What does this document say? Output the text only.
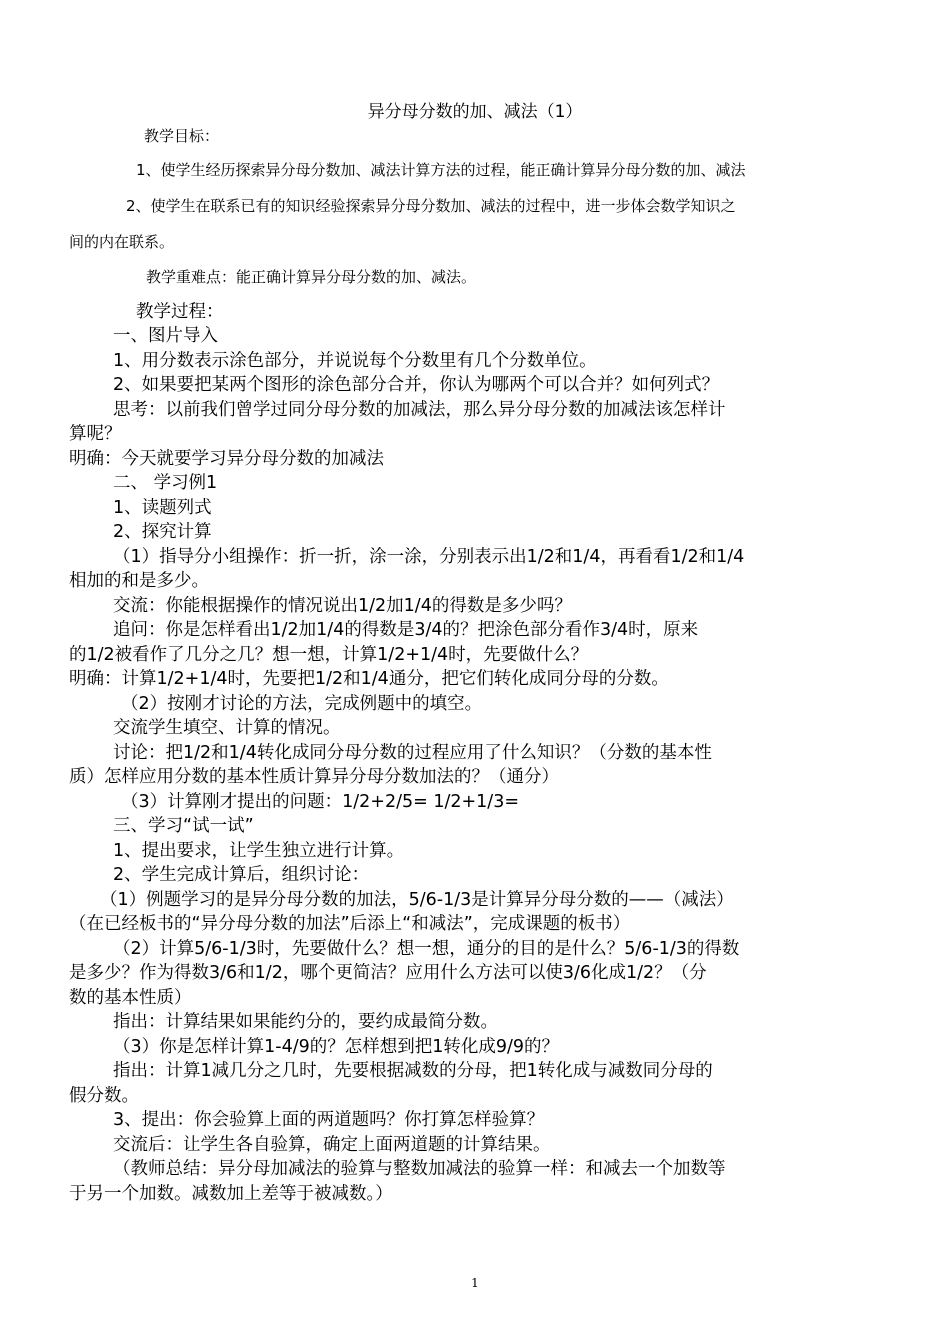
异分母分数的加、减法（1）
教学目标：
1、使学生经历探索异分母分数加、减法计算方法的过程，能正确计算异分母分数的加、减法
2、使学生在联系已有的知识经验探索异分母分数加、减法的过程中，进一步体会数学知识之
间的内在联系。
教学重难点：能正确计算异分母分数的加、减法。
教学过程：
一、图片导入
1、用分数表示涂色部分，并说说每个分数里有几个分数单位。
2、如果要把某两个图形的涂色部分合并，你认为哪两个可以合并？如何列式？
思考：以前我们曾学过同分母分数的加减法，那么异分母分数的加减法该怎样计
算呢？
明确：今天就要学习异分母分数的加减法
二、 学习例1
1、读题列式
2、探究计算
（1）指导分小组操作：折一折，涂一涂，分别表示出1/2和1/4，再看看1/2和1/4
相加的和是多少。
交流：你能根据操作的情况说出1/2加1/4的得数是多少吗？
追问：你是怎样看出1/2加1/4的得数是3/4的？把涂色部分看作3/4时，原来
的1/2被看作了几分之几？想一想，计算1/2+1/4时，先要做什么？
明确：计算1/2+1/4时，先要把1/2和1/4通分，把它们转化成同分母的分数。
（2）按刚才讨论的方法，完成例题中的填空。
交流学生填空、计算的情况。
讨论：把1/2和1/4转化成同分母分数的过程应用了什么知识？（分数的基本性
质）怎样应用分数的基本性质计算异分母分数加法的？（通分）
（3）计算刚才提出的问题：1/2+2/5= 1/2+1/3=
三、学习“试一试”
1、提出要求，让学生独立进行计算。
2、学生完成计算后，组织讨论：
（1）例题学习的是异分母分数的加法，5/6-1/3是计算异分母分数的——（减法）
（在已经板书的“异分母分数的加法”后添上“和减法”，完成课题的板书）
（2）计算5/6-1/3时，先要做什么？想一想，通分的目的是什么？5/6-1/3的得数
是多少？作为得数3/6和1/2，哪个更简洁？应用什么方法可以使3/6化成1/2？（分
数的基本性质）
指出：计算结果如果能约分的，要约成最简分数。
（3）你是怎样计算1-4/9的？怎样想到把1转化成9/9的？
指出：计算1减几分之几时，先要根据减数的分母，把1转化成与减数同分母的
假分数。
3、提出：你会验算上面的两道题吗？你打算怎样验算？
交流后：让学生各自验算，确定上面两道题的计算结果。
（教师总结：异分母加减法的验算与整数加减法的验算一样：和减去一个加数等
于另一个加数。减数加上差等于被减数。）
1
